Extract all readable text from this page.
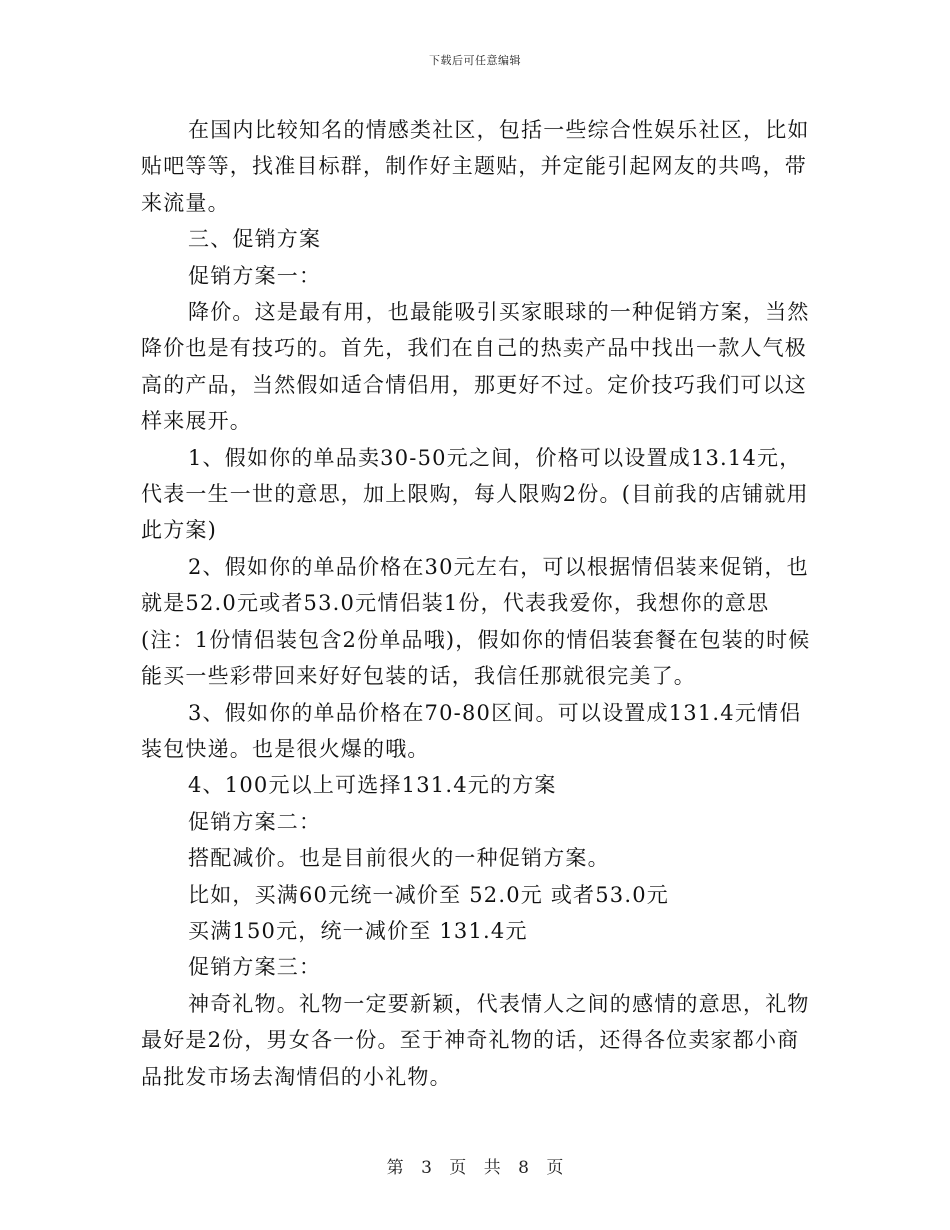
下载后可任意编辑

在国内比较知名的情感类社区，包括一些综合性娱乐社区，比如贴吧等等，找准目标群，制作好主题贴，并定能引起网友的共鸣，带来流量。

三、促销方案

促销方案一：

降价。这是最有用，也最能吸引买家眼球的一种促销方案，当然降价也是有技巧的。首先，我们在自己的热卖产品中找出一款人气极高的产品，当然假如适合情侣用，那更好不过。定价技巧我们可以这样来展开。

1、假如你的单品卖30-50元之间，价格可以设置成13.14元，代表一生一世的意思，加上限购，每人限购2份。(目前我的店铺就用此方案)

2、假如你的单品价格在30元左右，可以根据情侣装来促销，也就是52.0元或者53.0元情侣装1份，代表我爱你，我想你的意思(注：1份情侣装包含2份单品哦)，假如你的情侣装套餐在包装的时候能买一些彩带回来好好包装的话，我信任那就很完美了。

3、假如你的单品价格在70-80区间。可以设置成131.4元情侣装包快递。也是很火爆的哦。

4、100元以上可选择131.4元的方案

促销方案二：

搭配减价。也是目前很火的一种促销方案。

比如，买满60元统一减价至 52.0元 或者53.0元

买满150元，统一减价至 131.4元

促销方案三：

神奇礼物。礼物一定要新颖，代表情人之间的感情的意思，礼物最好是2份，男女各一份。至于神奇礼物的话，还得各位卖家都小商品批发市场去淘情侣的小礼物。

第 3 页 共 8 页
